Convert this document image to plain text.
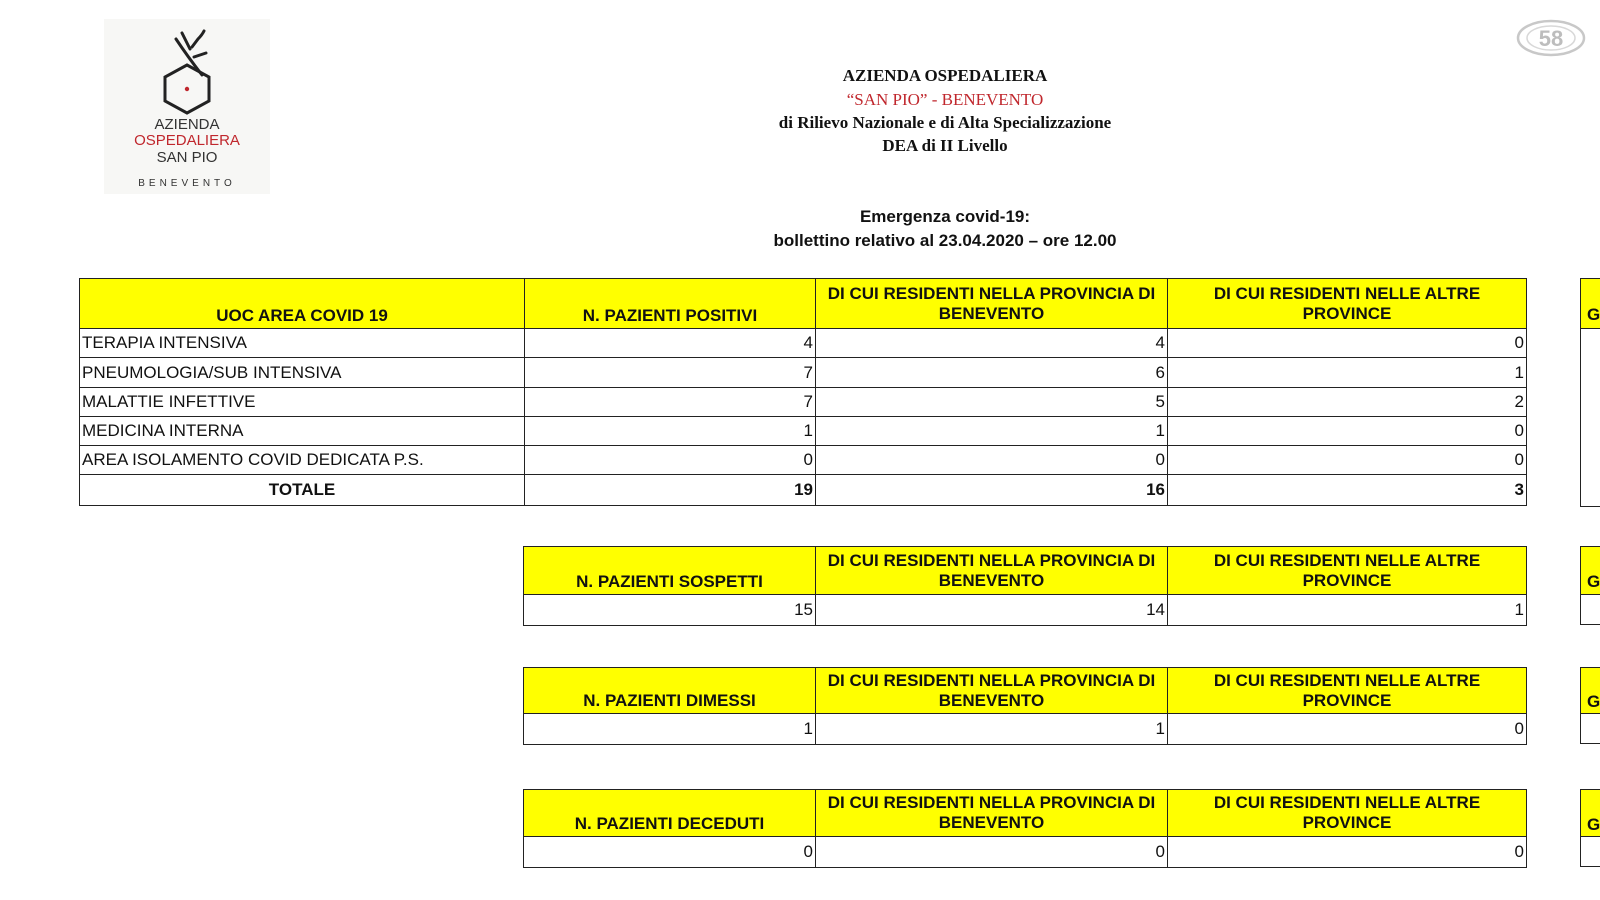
AZIENDA
OSPEDALIERA
SAN PIO
BENEVENTO
58
AZIENDA OSPEDALIERA
“SAN PIO” - BENEVENTO
di Rilievo Nazionale e di Alta Specializzazione
DEA di II Livello
Emergenza covid-19:
bollettino relativo al 23.04.2020 – ore 12.00
UOC AREA COVID 19	N. PAZIENTI POSITIVI	DI CUI RESIDENTI NELLA PROVINCIA DI BENEVENTO	DI CUI RESIDENTI NELLE ALTRE PROVINCE
TERAPIA INTENSIVA	4	4	0
PNEUMOLOGIA/SUB INTENSIVA	7	6	1
MALATTIE INFETTIVE	7	5	2
MEDICINA INTERNA	1	1	0
AREA ISOLAMENTO COVID DEDICATA P.S.	0	0	0
TOTALE	19	16	3
G
N. PAZIENTI SOSPETTI	DI CUI RESIDENTI NELLA PROVINCIA DI BENEVENTO	DI CUI RESIDENTI NELLE ALTRE PROVINCE
15	14	1
G
N. PAZIENTI DIMESSI	DI CUI RESIDENTI NELLA PROVINCIA DI BENEVENTO	DI CUI RESIDENTI NELLE ALTRE PROVINCE
1	1	0
G
N. PAZIENTI DECEDUTI	DI CUI RESIDENTI NELLA PROVINCIA DI BENEVENTO	DI CUI RESIDENTI NELLE ALTRE PROVINCE
0	0	0
G
